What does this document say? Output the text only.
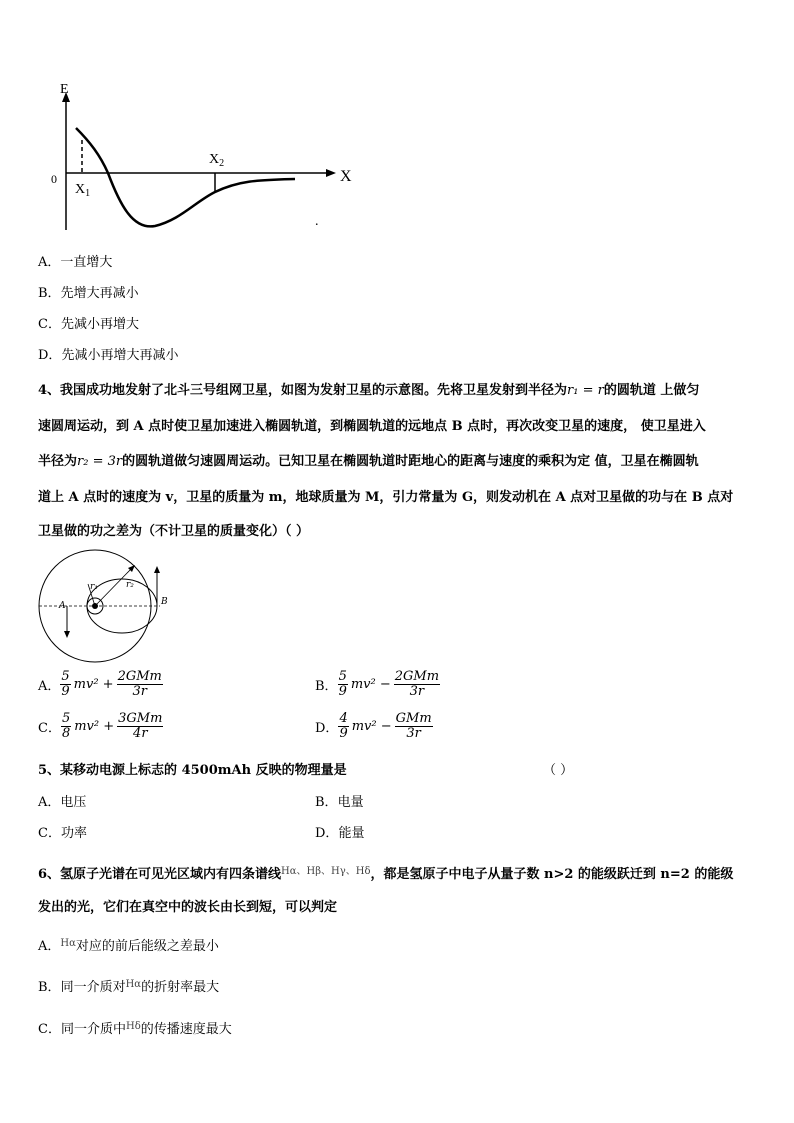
E
X
0
$X_1$
$X_2$
.
A．一直增大
B．先增大再减小
C．先减小再增大
D．先减小再增大再减小
4、我国成功地发射了北斗三号组网卫星，如图为发射卫星的示意图。先将卫星发射到半径为r₁ = r的圆轨道 上做匀
速圆周运动，到 A 点时使卫星加速进入椭圆轨道，到椭圆轨道的远地点 B 点时，再次改变卫星的速度， 使卫星进入
半径为r₂ = 3r的圆轨道做匀速圆周运动。已知卫星在椭圆轨道时距地心的距离与速度的乘积为定 值，卫星在椭圆轨
道上 A 点时的速度为 v，卫星的质量为 m，地球质量为 M，引力常量为 G，则发动机在 A 点对卫星做的功与在 B 点对
卫星做的功之差为（不计卫星的质量变化）（ ）
A	B
r₁	r₂
A． $\frac{5}{9} mv^2 + \frac{\text{2GMm}}{3r}$	B． $\frac{5}{9} mv^2 - \frac{\text{2GMm}}{3r}$
C． $\frac{5}{8} mv^2 + \frac{\text{3GMm}}{4r}$	D． $\frac{4}{9} mv^2 - \frac{\text{GMm}}{3r}$
5、某移动电源上标志的 4500mAh 反映的物理量是	（ ）
A．电压	B．电量
C．功率	D．能量
6、氢原子光谱在可见光区域内有四条谱线$^{H\alpha、H\beta、H\gamma、H\delta}$，都是氢原子中电子从量子数 n>2 的能级跃迁到 n=2 的能级
发出的光，它们在真空中的波长由长到短，可以判定
A．$^{H\alpha}$对应的前后能级之差最小
B．同一介质对$^{H\alpha}$的折射率最大
C．同一介质中$^{H\delta}$的传播速度最大
